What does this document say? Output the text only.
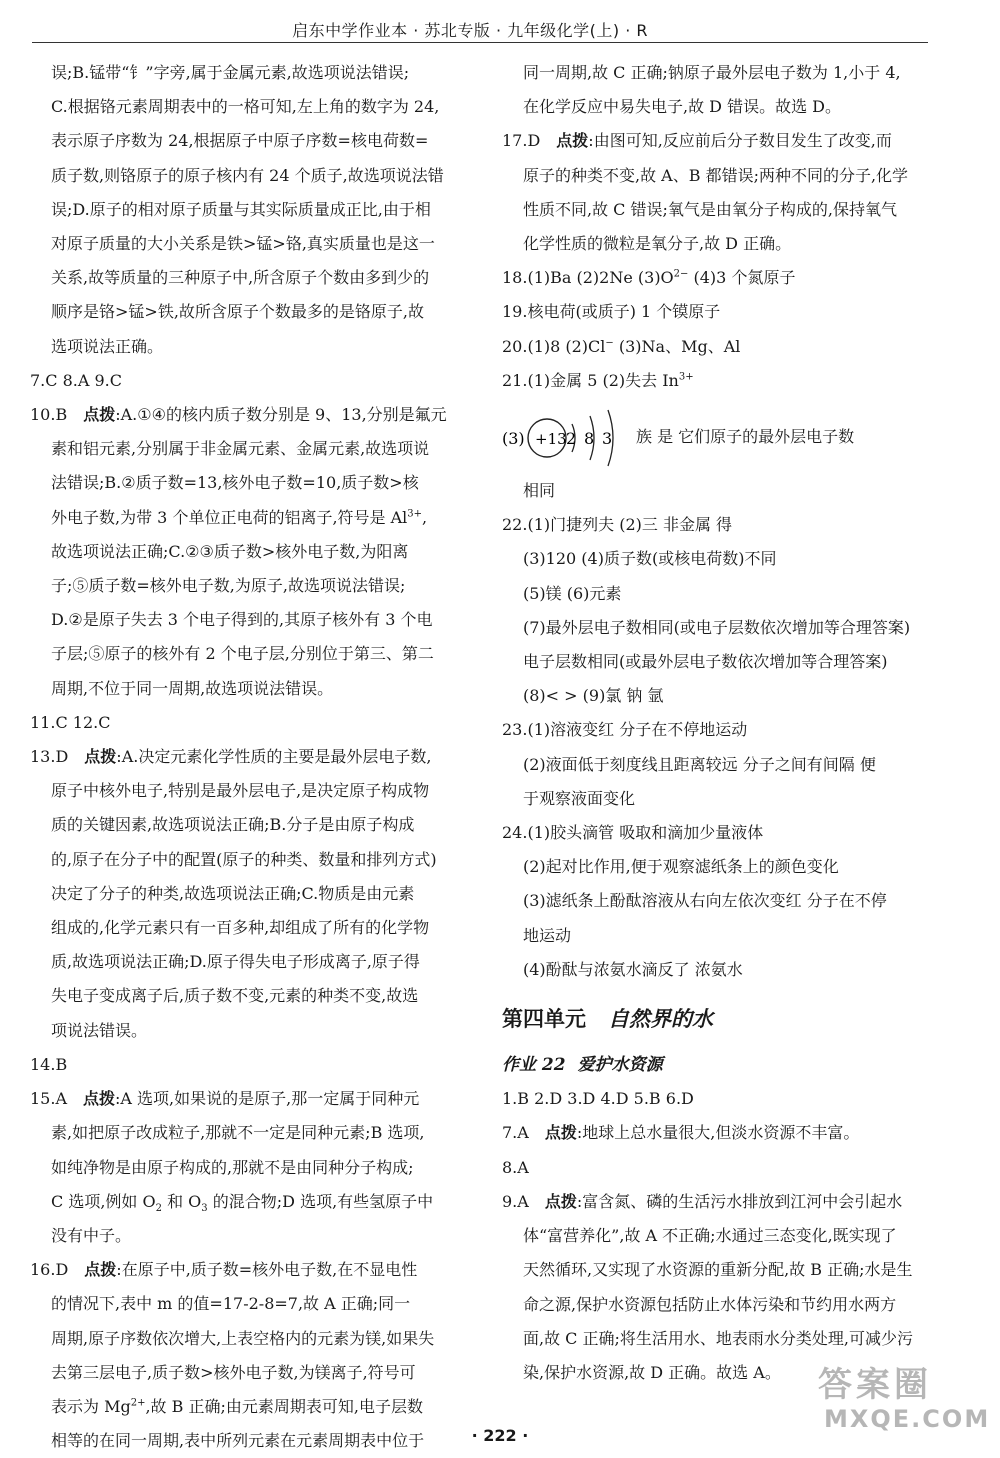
启东中学作业本 · 苏北专版 · 九年级化学(上) · R

误;B.锰带“钅”字旁,属于金属元素,故选项说法错误;

C.根据铬元素周期表中的一格可知,左上角的数字为 24,

表示原子序数为 24,根据原子中原子序数=核电荷数=

质子数,则铬原子的原子核内有 24 个质子,故选项说法错

误;D.原子的相对原子质量与其实际质量成正比,由于相

对原子质量的大小关系是铁>锰>铬,真实质量也是这一

关系,故等质量的三种原子中,所含原子个数由多到少的

顺序是铬>锰>铁,故所含原子个数最多的是铬原子,故

选项说法正确。

7.C 8.A 9.C

10.B  点拨:A.①④的核内质子数分别是 9、13,分别是氟元

素和铝元素,分别属于非金属元素、金属元素,故选项说

法错误;B.②质子数=13,核外电子数=10,质子数>核

外电子数,为带 3 个单位正电荷的铝离子,符号是 $Al^{3+}$,

故选项说法正确;C.②③质子数>核外电子数,为阳离

子;⑤质子数=核外电子数,为原子,故选项说法错误;

D.②是原子失去 3 个电子得到的,其原子核外有 3 个电

子层;⑤原子的核外有 2 个电子层,分别位于第三、第二

周期,不位于同一周期,故选项说法错误。

11.C 12.C

13.D  点拨:A.决定元素化学性质的主要是最外层电子数,

原子中核外电子,特别是最外层电子,是决定原子构成物

质的关键因素,故选项说法正确;B.分子是由原子构成

的,原子在分子中的配置(原子的种类、数量和排列方式)

决定了分子的种类,故选项说法正确;C.物质是由元素

组成的,化学元素只有一百多种,却组成了所有的化学物

质,故选项说法正确;D.原子得失电子形成离子,原子得

失电子变成离子后,质子数不变,元素的种类不变,故选

项说法错误。

14.B

15.A  点拨:A 选项,如果说的是原子,那一定属于同种元

素,如把原子改成粒子,那就不一定是同种元素;B 选项,

如纯净物是由原子构成的,那就不是由同种分子构成;

C 选项,例如 $O_2$ 和 $O_3$ 的混合物;D 选项,有些氢原子中

没有中子。

16.D  点拨:在原子中,质子数=核外电子数,在不显电性

的情况下,表中 m 的值=17-2-8=7,故 A 正确;同一

周期,原子序数依次增大,上表空格内的元素为镁,如果失

去第三层电子,质子数>核外电子数,为镁离子,符号可

表示为 $Mg^{2+}$,故 B 正确;由元素周期表可知,电子层数

相等的在同一周期,表中所列元素在元素周期表中位于

同一周期,故 C 正确;钠原子最外层电子数为 1,小于 4,

在化学反应中易失电子,故 D 错误。故选 D。

17.D  点拨:由图可知,反应前后分子数目发生了改变,而

原子的种类不变,故 A、B 都错误;两种不同的分子,化学

性质不同,故 C 错误;氧气是由氧分子构成的,保持氧气

化学性质的微粒是氧分子,故 D 正确。

18.(1)Ba (2)2Ne $(3)O^{2-}$ (4)3 个氮原子

19.核电荷(或质子) 1 个镆原子

20.(1)8 (2)Cl− (3)Na、Mg、Al

21.(1)金属 5 (2)失去 $In^{3+}$

(3) +13 2 8 3 族 是 它们原子的最外层电子数

相同

22.(1)门捷列夫 (2)三 非金属 得

(3)120 (4)质子数(或核电荷数)不同

(5)镁 (6)元素

(7)最外层电子数相同(或电子层数依次增加等合理答案)

电子层数相同(或最外层电子数依次增加等合理答案)

(8)< > (9)氯 钠 氩

23.(1)溶液变红 分子在不停地运动

(2)液面低于刻度线且距离较远 分子之间有间隔 便

于观察液面变化

24.(1)胶头滴管 吸取和滴加少量液体

(2)起对比作用,便于观察滤纸条上的颜色变化

(3)滤纸条上酚酞溶液从右向左依次变红 分子在不停

地运动

(4)酚酞与浓氨水滴反了 浓氨水

第四单元 自然界的水
作业 22 爱护水资源

1.B 2.D 3.D 4.D 5.B 6.D

7.A  点拨:地球上总水量很大,但淡水资源不丰富。

8.A

9.A  点拨:富含氮、磷的生活污水排放到江河中会引起水

体“富营养化”,故 A 不正确;水通过三态变化,既实现了

天然循环,又实现了水资源的重新分配,故 B 正确;水是生

命之源,保护水资源包括防止水体污染和节约用水两方

面,故 C 正确;将生活用水、地表雨水分类处理,可减少污

染,保护水资源,故 D 正确。故选 A。

· 222 ·
答案圈
MXQE.COM
